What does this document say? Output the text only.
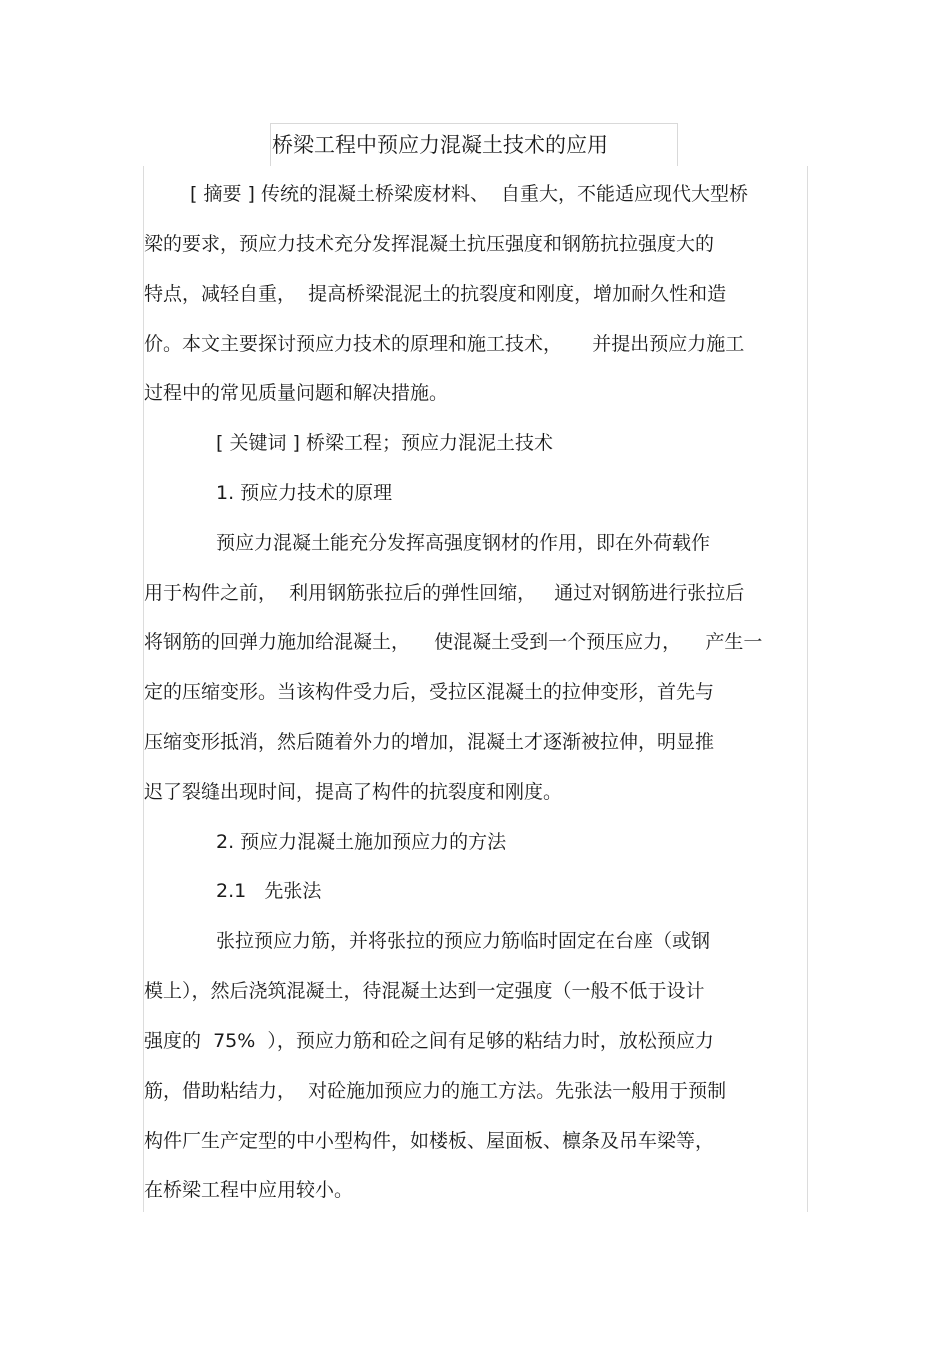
桥梁工程中预应力混凝土技术的应用
[ 摘要 ] 传统的混凝土桥梁废材料、  自重大，不能适应现代大型桥
梁的要求，预应力技术充分发挥混凝土抗压强度和钢筋抗拉强度大的
特点，减轻自重，  提高桥梁混泥土的抗裂度和刚度，增加耐久性和造
价。本文主要探讨预应力技术的原理和施工技术，     并提出预应力施工
过程中的常见质量问题和解决措施。
[ 关键词 ] 桥梁工程；预应力混泥土技术
1. 预应力技术的原理
预应力混凝土能充分发挥高强度钢材的作用，即在外荷载作
用于构件之前，  利用钢筋张拉后的弹性回缩，   通过对钢筋进行张拉后
将钢筋的回弹力施加给混凝土，    使混凝土受到一个预压应力，    产生一
定的压缩变形。当该构件受力后，受拉区混凝土的拉伸变形，首先与
压缩变形抵消，然后随着外力的增加，混凝土才逐渐被拉伸，明显推
迟了裂缝出现时间，提高了构件的抗裂度和刚度。
2. 预应力混凝土施加预应力的方法
2.1   先张法
张拉预应力筋，并将张拉的预应力筋临时固定在台座（或钢
模上），然后浇筑混凝土，待混凝土达到一定强度（一般不低于设计
强度的  75%  ），预应力筋和砼之间有足够的粘结力时，放松预应力
筋，借助粘结力，  对砼施加预应力的施工方法。先张法一般用于预制
构件厂生产定型的中小型构件，如楼板、屋面板、檩条及吊车梁等，
在桥梁工程中应用较小。
